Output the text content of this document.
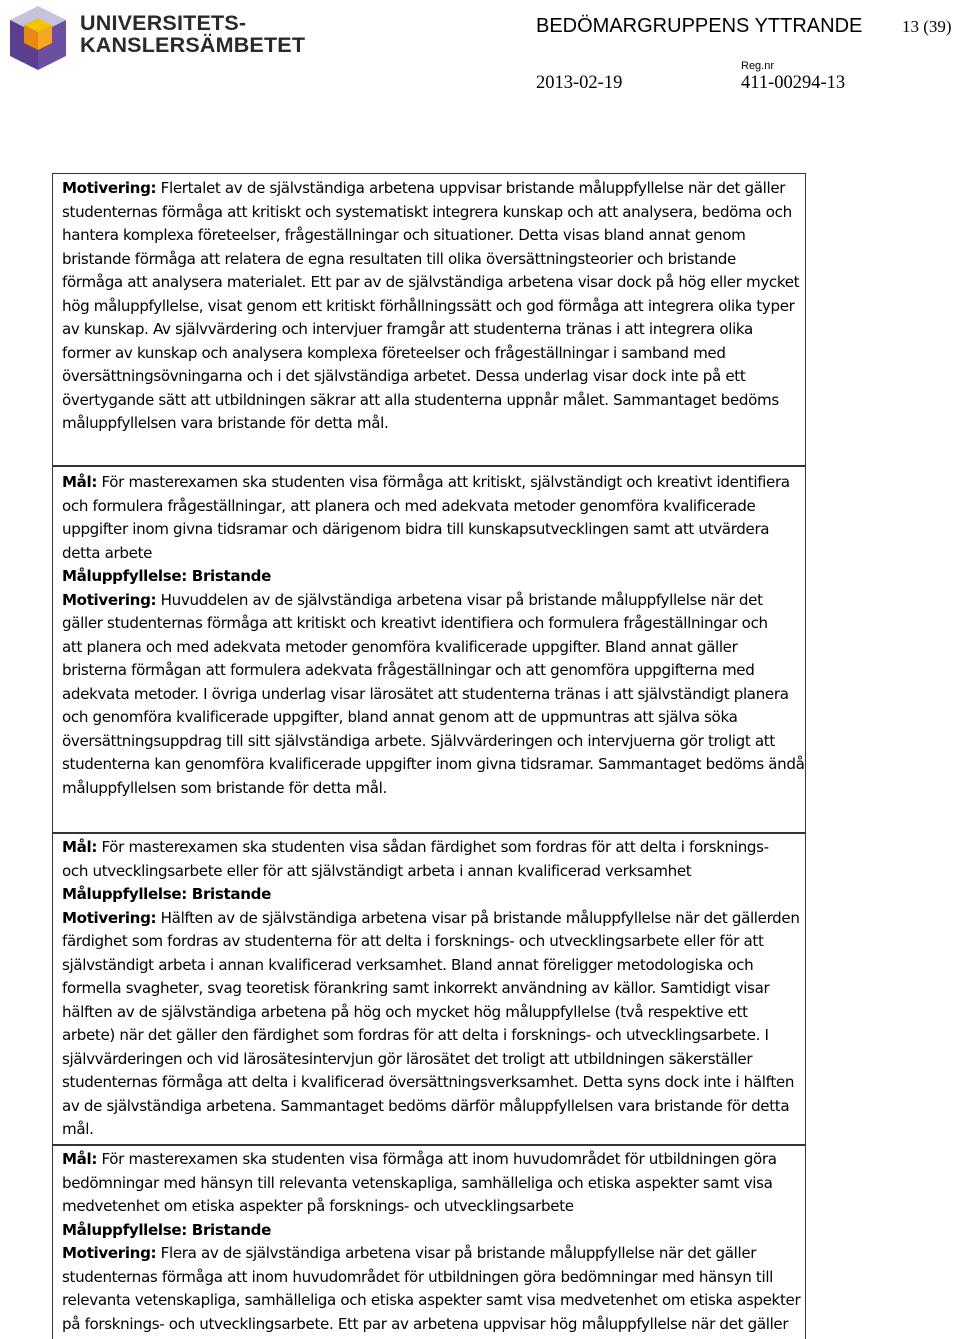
UNIVERSITETS-
KANSLERSÄMBETET
BEDÖMARGRUPPENS YTTRANDE 13 (39)
Reg.nr
2013-02-19	411-00294-13

Motivering: Flertalet av de självständiga arbetena uppvisar bristande måluppfyllelse när det gäller

studenternas förmåga att kritiskt och systematiskt integrera kunskap och att analysera, bedöma och

hantera komplexa företeelser, frågeställningar och situationer. Detta visas bland annat genom

bristande förmåga att relatera de egna resultaten till olika översättningsteorier och bristande

förmåga att analysera materialet. Ett par av de självständiga arbetena visar dock på hög eller mycket

hög måluppfyllelse, visat genom ett kritiskt förhållningssätt och god förmåga att integrera olika typer

av kunskap. Av självvärdering och intervjuer framgår att studenterna tränas i att integrera olika

former av kunskap och analysera komplexa företeelser och frågeställningar i samband med

översättningsövningarna och i det självständiga arbetet. Dessa underlag visar dock inte på ett

övertygande sätt att utbildningen säkrar att alla studenterna uppnår målet. Sammantaget bedöms

måluppfyllelsen vara bristande för detta mål.

Mål: För masterexamen ska studenten visa förmåga att kritiskt, självständigt och kreativt identifiera

och formulera frågeställningar, att planera och med adekvata metoder genomföra kvalificerade

uppgifter inom givna tidsramar och därigenom bidra till kunskapsutvecklingen samt att utvärdera

detta arbete

Måluppfyllelse: Bristande

Motivering: Huvuddelen av de självständiga arbetena visar på bristande måluppfyllelse när det

gäller studenternas förmåga att kritiskt och kreativt identifiera och formulera frågeställningar och

att planera och med adekvata metoder genomföra kvalificerade uppgifter. Bland annat gäller

bristerna förmågan att formulera adekvata frågeställningar och att genomföra uppgifterna med

adekvata metoder. I övriga underlag visar lärosätet att studenterna tränas i att självständigt planera

och genomföra kvalificerade uppgifter, bland annat genom att de uppmuntras att själva söka

översättningsuppdrag till sitt självständiga arbete. Självvärderingen och intervjuerna gör troligt att

studenterna kan genomföra kvalificerade uppgifter inom givna tidsramar. Sammantaget bedöms ändå

måluppfyllelsen som bristande för detta mål.

Mål: För masterexamen ska studenten visa sådan färdighet som fordras för att delta i forsknings-

och utvecklingsarbete eller för att självständigt arbeta i annan kvalificerad verksamhet

Måluppfyllelse: Bristande

Motivering: Hälften av de självständiga arbetena visar på bristande måluppfyllelse när det gällerden

färdighet som fordras av studenterna för att delta i forsknings- och utvecklingsarbete eller för att

självständigt arbeta i annan kvalificerad verksamhet. Bland annat föreligger metodologiska och

formella svagheter, svag teoretisk förankring samt inkorrekt användning av källor. Samtidigt visar

hälften av de självständiga arbetena på hög och mycket hög måluppfyllelse (två respektive ett

arbete) när det gäller den färdighet som fordras för att delta i forsknings- och utvecklingsarbete. I

självvärderingen och vid lärosätesintervjun gör lärosätet det troligt att utbildningen säkerställer

studenternas förmåga att delta i kvalificerad översättningsverksamhet. Detta syns dock inte i hälften

av de självständiga arbetena. Sammantaget bedöms därför måluppfyllelsen vara bristande för detta

mål.

Mål: För masterexamen ska studenten visa förmåga att inom huvudområdet för utbildningen göra

bedömningar med hänsyn till relevanta vetenskapliga, samhälleliga och etiska aspekter samt visa

medvetenhet om etiska aspekter på forsknings- och utvecklingsarbete

Måluppfyllelse: Bristande

Motivering: Flera av de självständiga arbetena visar på bristande måluppfyllelse när det gäller

studenternas förmåga att inom huvudområdet för utbildningen göra bedömningar med hänsyn till

relevanta vetenskapliga, samhälleliga och etiska aspekter samt visa medvetenhet om etiska aspekter

på forsknings- och utvecklingsarbete. Ett par av arbetena uppvisar hög måluppfyllelse när det gäller
